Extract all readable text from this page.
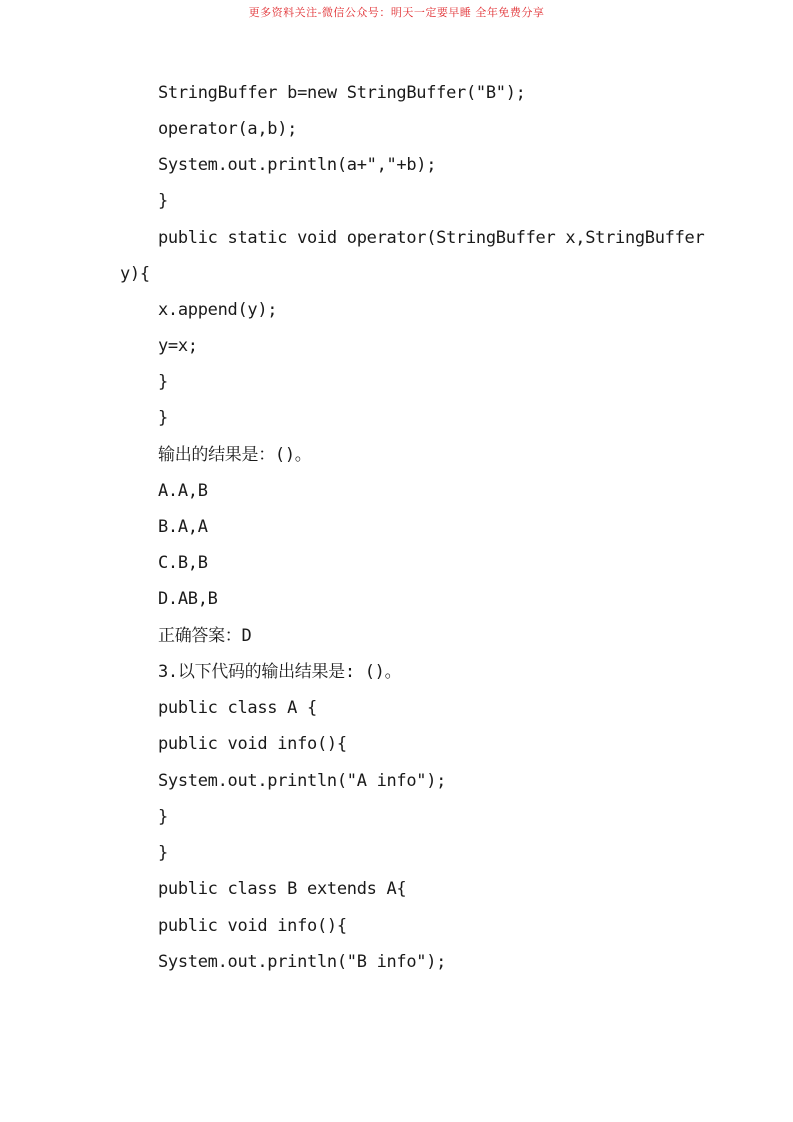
更多资料关注-微信公众号：明天一定要早睡 全年免费分享
StringBuffer b=new StringBuffer("B");
operator(a,b);
System.out.println(a+","+b);
}
public static void operator(StringBuffer x,StringBuffer
y){
x.append(y);
y=x;
}
}
输出的结果是：()。
A.A,B
B.A,A
C.B,B
D.AB,B
正确答案：D
3.以下代码的输出结果是: ()。
public class A {
public void info(){
System.out.println("A info");
}
}
public class B extends A{
public void info(){
System.out.println("B info");
